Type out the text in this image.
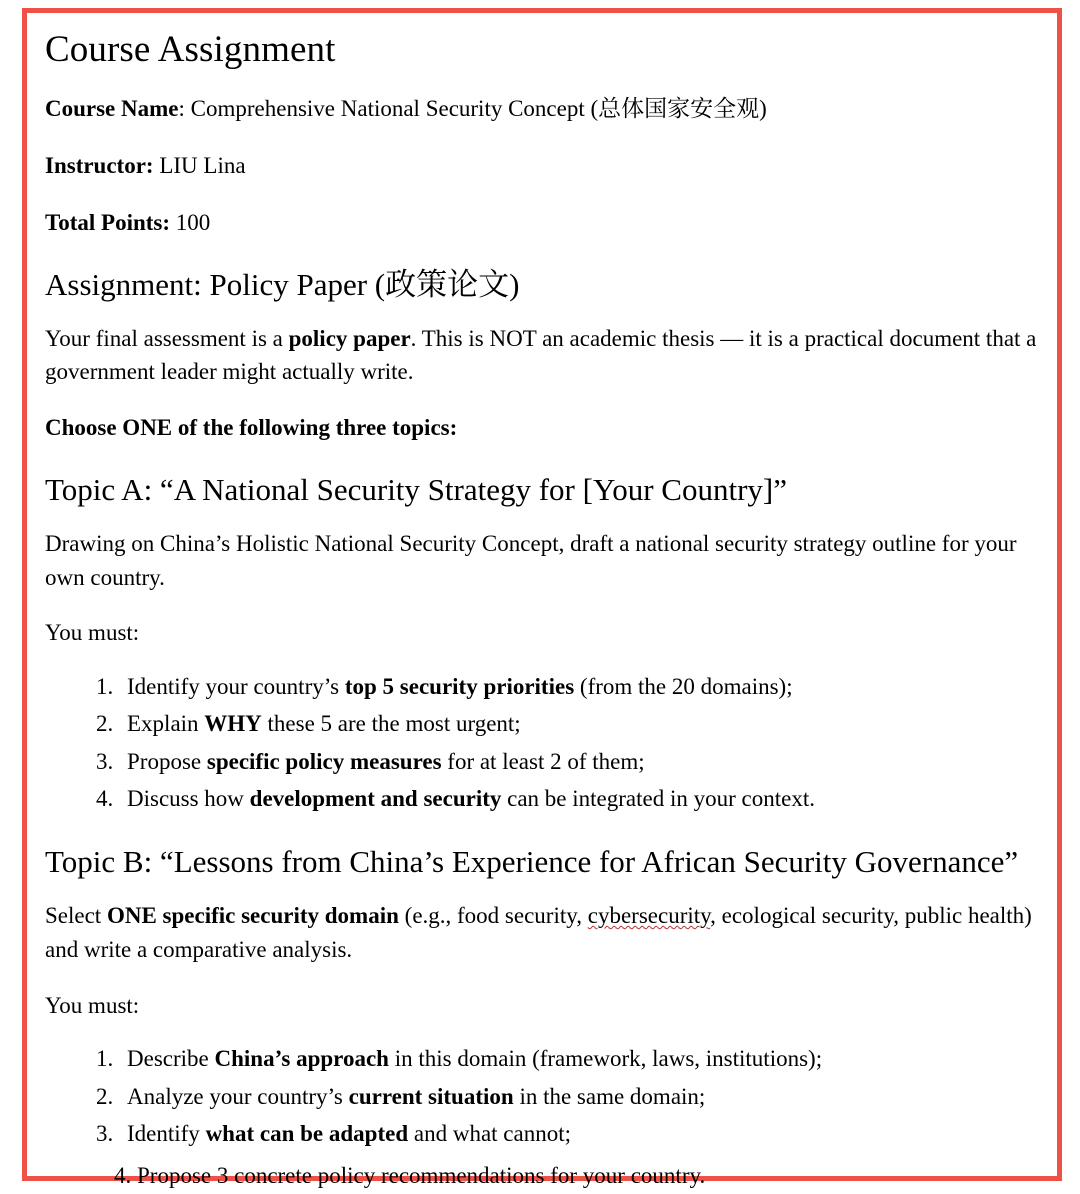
Course Assignment

Course Name: Comprehensive National Security Concept (总体国家安全观)

Instructor: LIU Lina

Total Points: 100

Assignment: Policy Paper (政策论文)

Your final assessment is a policy paper. This is NOT an academic thesis — it is a practical document that a government leader might actually write.

Choose ONE of the following three topics:

Topic A: “A National Security Strategy for [Your Country]”

Drawing on China’s Holistic National Security Concept, draft a national security strategy outline for your own country.

You must:

1. Identify your country’s top 5 security priorities (from the 20 domains);
2. Explain WHY these 5 are the most urgent;
3. Propose specific policy measures for at least 2 of them;
4. Discuss how development and security can be integrated in your context.
Topic B: “Lessons from China’s Experience for African Security Governance”

Select ONE specific security domain (e.g., food security, cybersecurity, ecological security, public health) and write a comparative analysis.

You must:

1. Describe China’s approach in this domain (framework, laws, institutions);
2. Analyze your country’s current situation in the same domain;
3. Identify what can be adapted and what cannot;
4. Propose 3 concrete policy recommendations for your country.
